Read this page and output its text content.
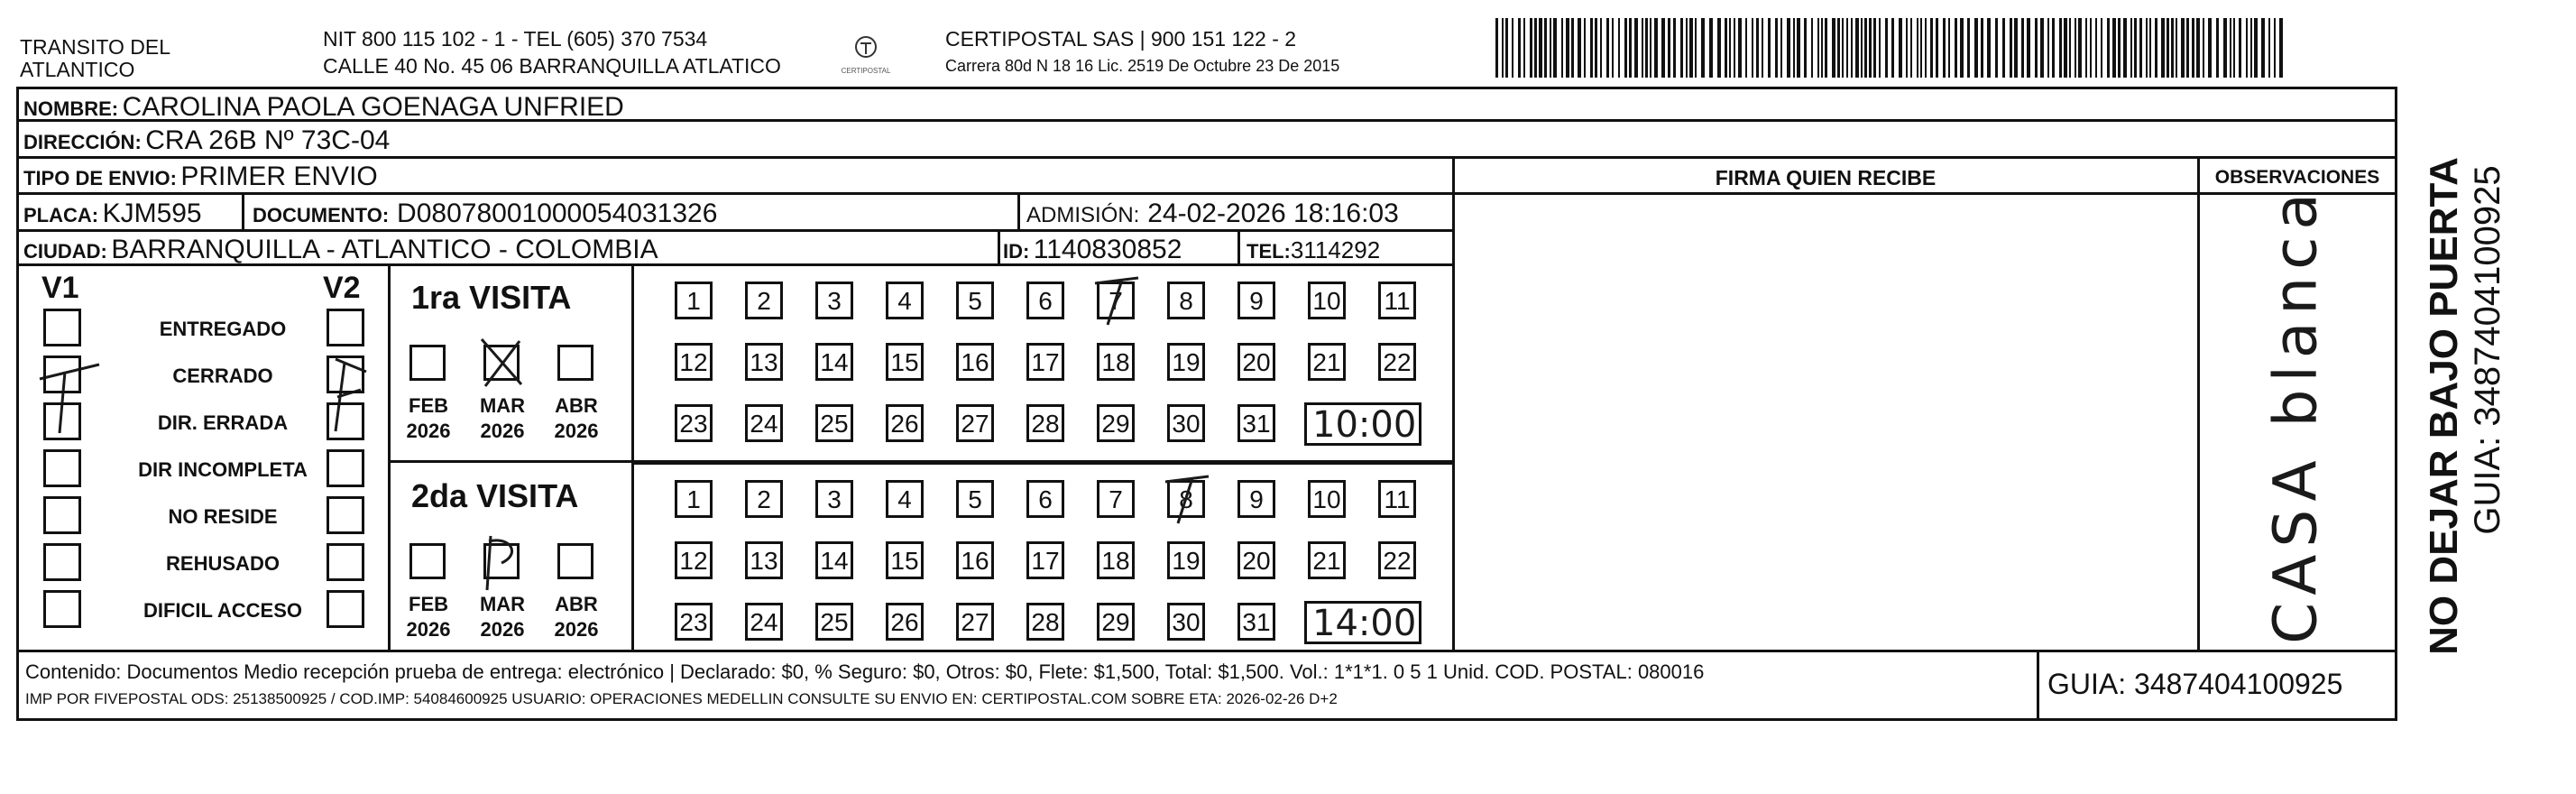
TRANSITO DEL ATLANTICO
NIT 800 115 102 - 1 - TEL (605) 370 7534
CALLE 40 No. 45 06 BARRANQUILLA ATLATICO	CERTIPOSTAL
CERTIPOSTAL SAS | 900 151 122 - 2
Carrera 80d N 18 16 Lic. 2519 De Octubre 23 De 2015
NOMBRE: CAROLINA PAOLA GOENAGA UNFRIED
DIRECCIÓN: CRA 26B Nº 73C-04
TIPO DE ENVIO: PRIMER ENVIO
PLACA: KJM595	DOCUMENTO: D08078001000054031326	ADMISIÓN: 24-02-2026 18:16:03
CIUDAD: BARRANQUILLA - ATLANTICO - COLOMBIA	ID: 1140830852	TEL:3114292
FIRMA QUIEN RECIBE	OBSERVACIONES
CASA blanca
V1	V2
Contenido: Documentos Medio recepción prueba de entrega: electrónico | Declarado: $0, % Seguro: $0, Otros: $0, Flete: $1,500, Total: $1,500. Vol.: 1*1*1. 0 5 1 Unid. COD. POSTAL: 080016
IMP POR FIVEPOSTAL ODS: 25138500925 / COD.IMP: 54084600925 USUARIO: OPERACIONES MEDELLIN CONSULTE SU ENVIO EN: CERTIPOSTAL.COM SOBRE ETA: 2026-02-26 D+2	GUIA: 3487404100925
NO DEJAR BAJO PUERTA GUIA: 3487404100925
ENTREGADO
CERRADO
DIR. ERRADA
DIR INCOMPLETA
NO RESIDE
REHUSADO
DIFICIL ACCESO
1ra VISITA
FEB
2026
MAR
2026
ABR
2026
1	2	3	4	5	6	7	8	9	10 11
12 13 14 15 16 17 18 19 20 21 22
23 24 25 26 27 28 29 30 31 10:00
2da VISITA
FEB
2026
MAR
2026
ABR
2026
1	2	3	4	5	6	7	8	9	10 11
12 13 14 15 16 17 18 19 20 21 22
23 24 25 26 27 28 29 30 31 14:00
